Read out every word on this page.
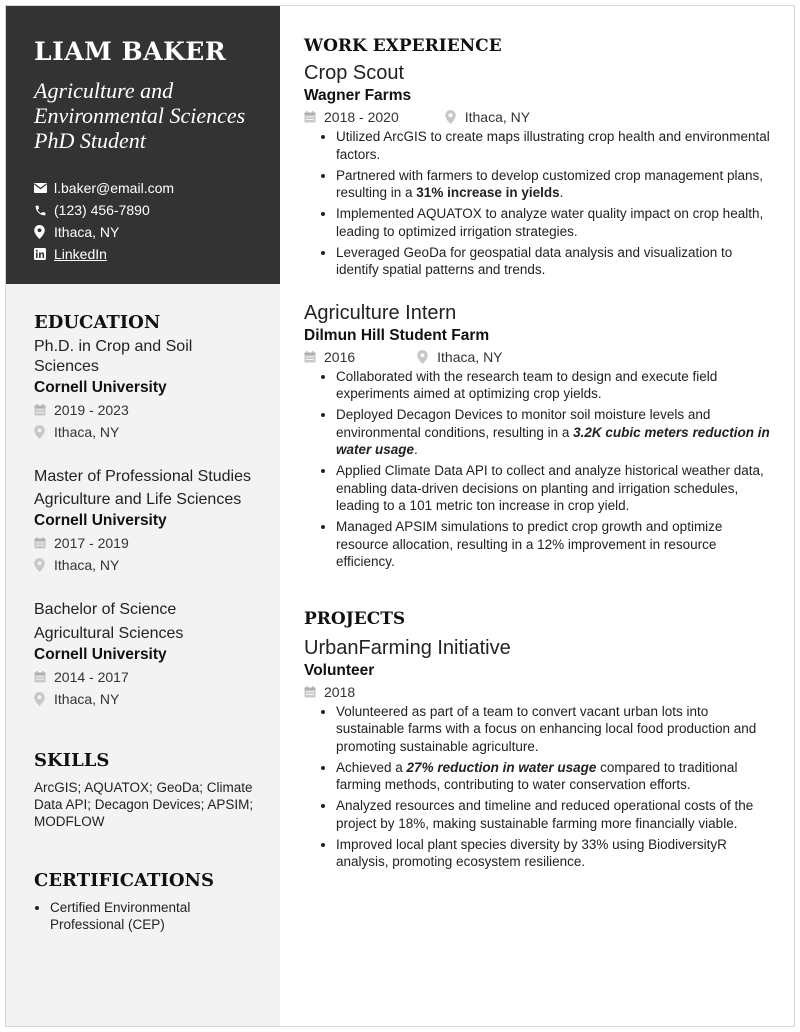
LIAM BAKER
Agriculture and Environmental Sciences PhD Student
l.baker@email.com
(123) 456-7890
Ithaca, NY
LinkedIn
EDUCATION
Ph.D. in Crop and Soil Sciences
Cornell University
2019 - 2023
Ithaca, NY
Master of Professional Studies
Agriculture and Life Sciences
Cornell University
2017 - 2019
Ithaca, NY
Bachelor of Science
Agricultural Sciences
Cornell University
2014 - 2017
Ithaca, NY
SKILLS
ArcGIS; AQUATOX; GeoDa; Climate Data API; Decagon Devices; APSIM; MODFLOW
CERTIFICATIONS
• Certified Environmental Professional (CEP)
WORK EXPERIENCE
Crop Scout
Wagner Farms
2018 - 2020	Ithaca, NY
• Utilized ArcGIS to create maps illustrating crop health and environmental factors.
• Partnered with farmers to develop customized crop management plans, resulting in a 31% increase in yields.
• Implemented AQUATOX to analyze water quality impact on crop health, leading to optimized irrigation strategies.
• Leveraged GeoDa for geospatial data analysis and visualization to identify spatial patterns and trends.
Agriculture Intern
Dilmun Hill Student Farm
2016	Ithaca, NY
• Collaborated with the research team to design and execute field experiments aimed at optimizing crop yields.
• Deployed Decagon Devices to monitor soil moisture levels and environmental conditions, resulting in a 3.2K cubic meters reduction in water usage.
• Applied Climate Data API to collect and analyze historical weather data, enabling data-driven decisions on planting and irrigation schedules, leading to a 101 metric ton increase in crop yield.
• Managed APSIM simulations to predict crop growth and optimize resource allocation, resulting in a 12% improvement in resource efficiency.
PROJECTS
UrbanFarming Initiative
Volunteer
2018
• Volunteered as part of a team to convert vacant urban lots into sustainable farms with a focus on enhancing local food production and promoting sustainable agriculture.
• Achieved a 27% reduction in water usage compared to traditional farming methods, contributing to water conservation efforts.
• Analyzed resources and timeline and reduced operational costs of the project by 18%, making sustainable farming more financially viable.
• Improved local plant species diversity by 33% using BiodiversityR analysis, promoting ecosystem resilience.
